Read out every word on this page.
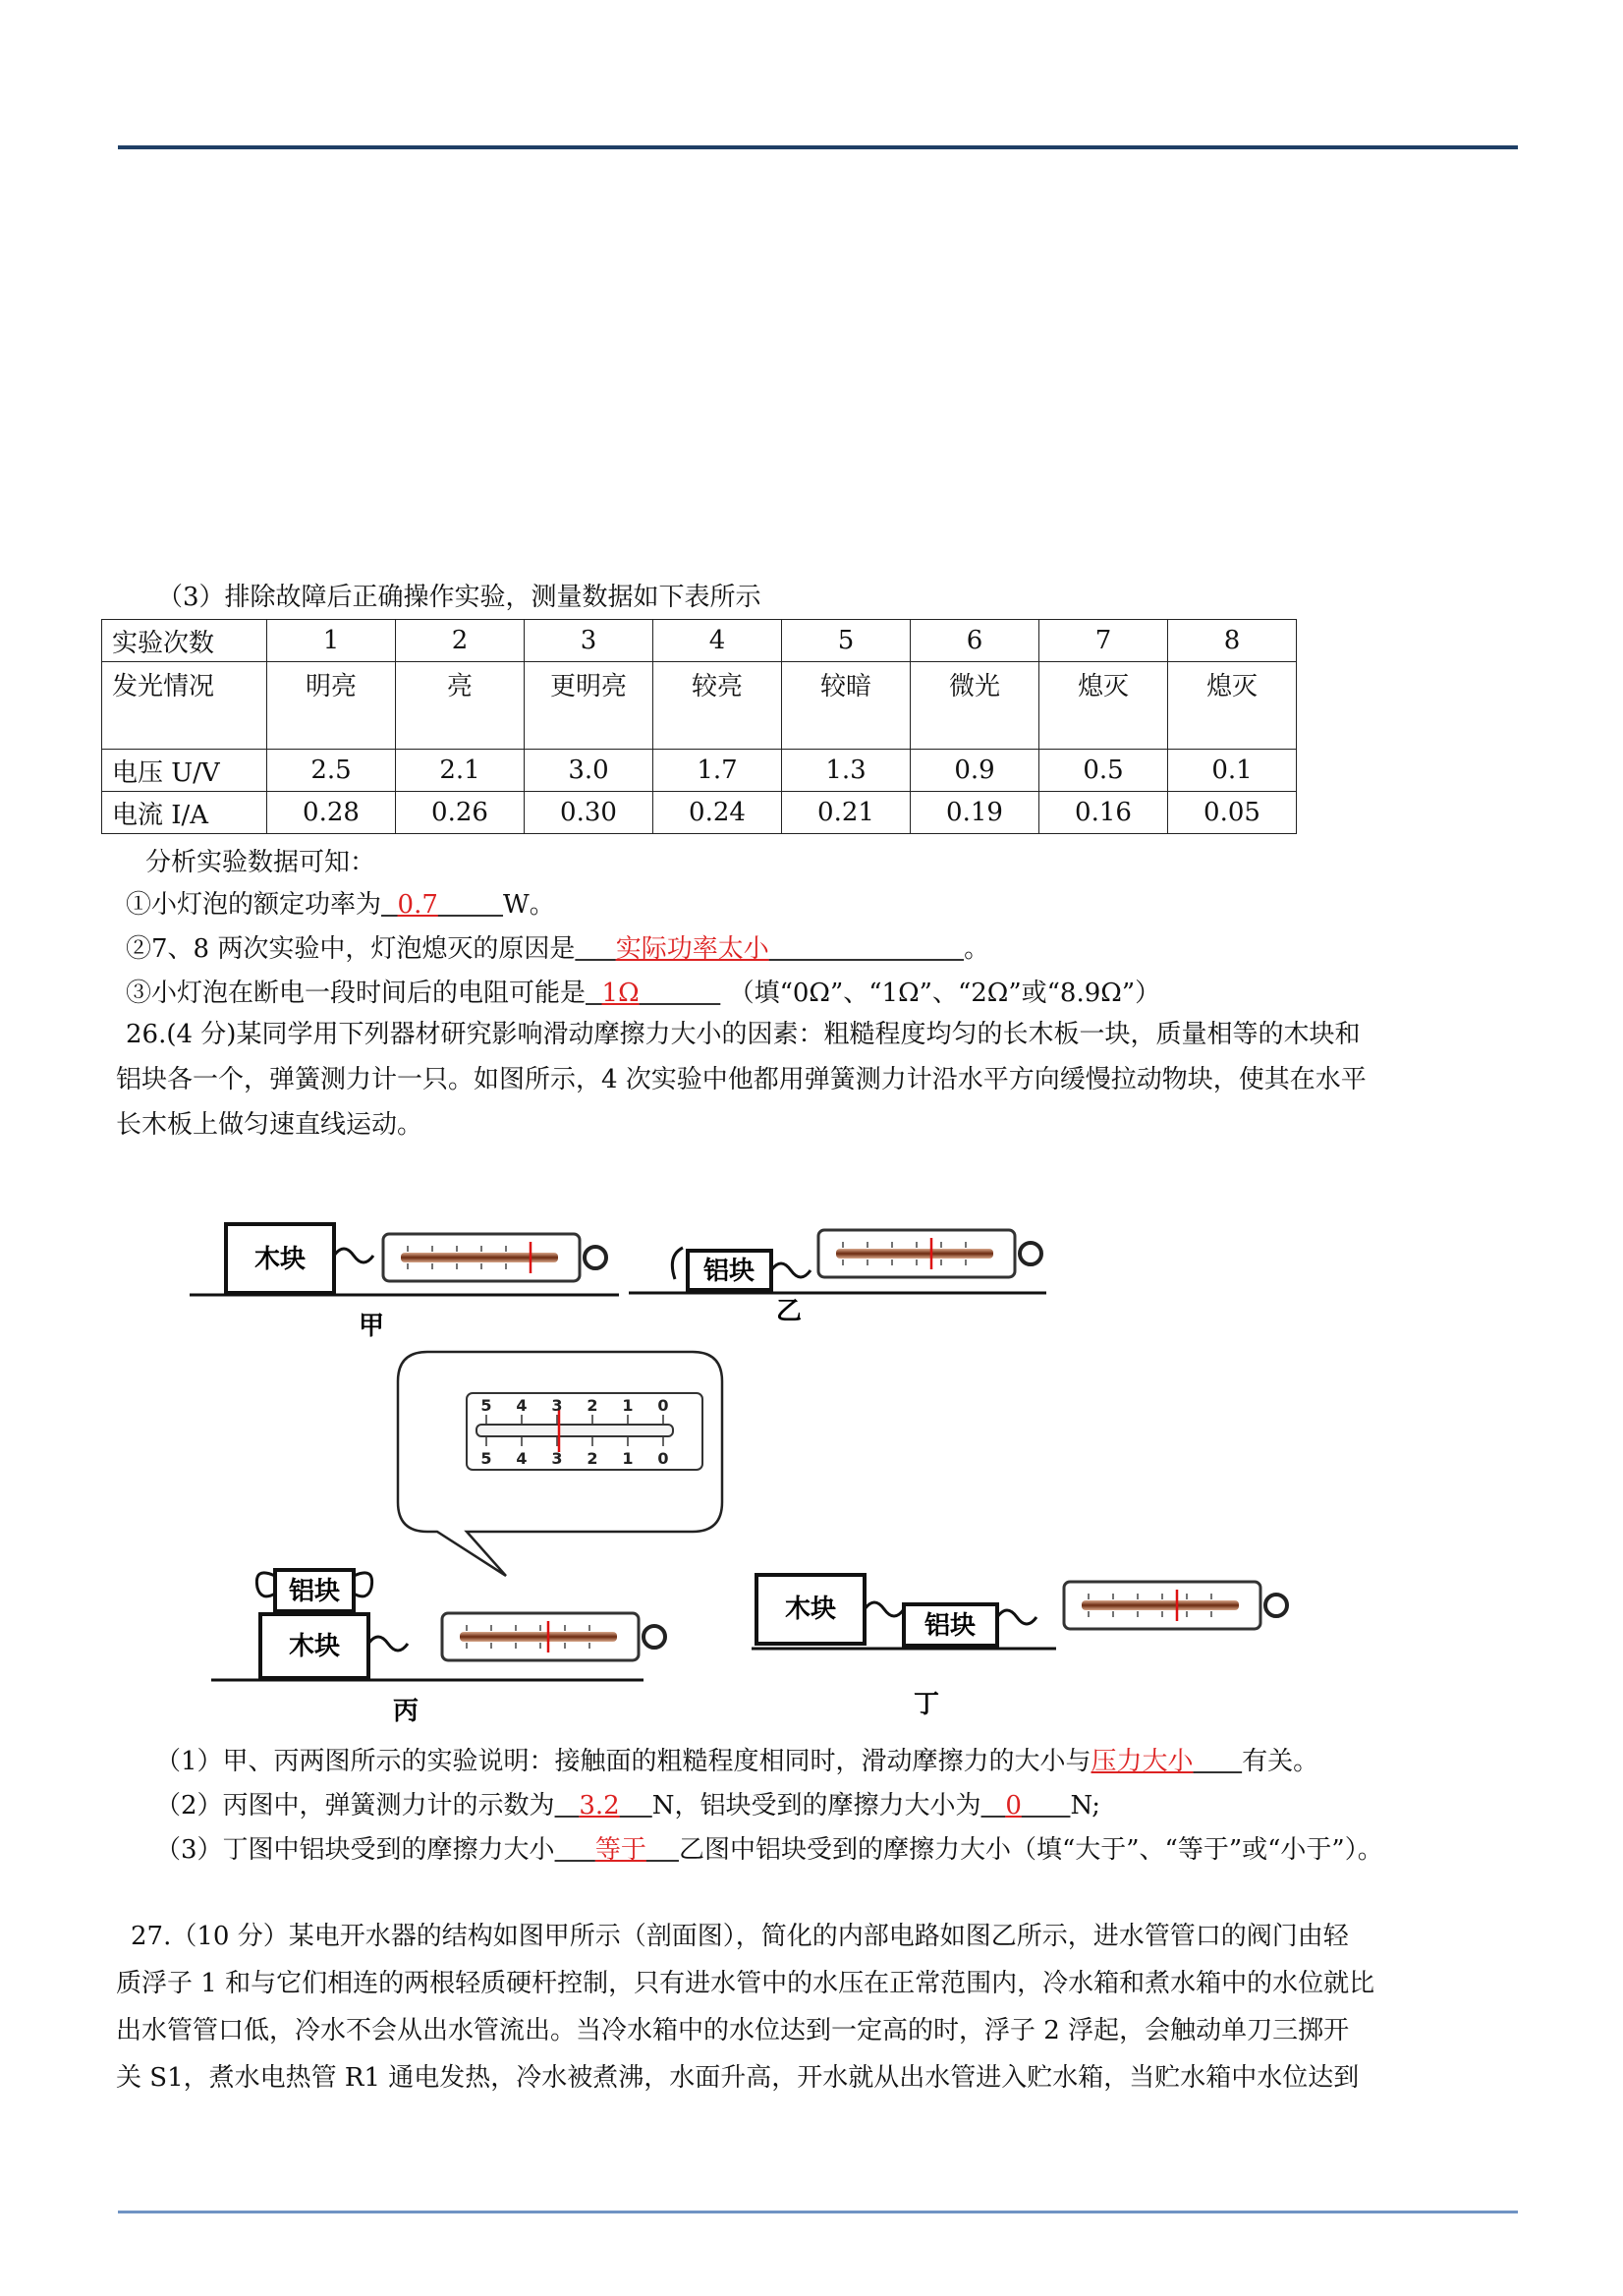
（3）排除故障后正确操作实验，测量数据如下表所示
实验次数	1	2	3	4	5	6	7	8
发光情况	明亮	亮	更明亮	较亮	较暗	微光	熄灭	熄灭
电压 U/V	2.5	2.1	3.0	1.7	1.3	0.9	0.5	0.1
电流 I/A	0.28	0.26	0.30	0.24	0.21	0.19	0.16	0.05
分析实验数据可知：
①小灯泡的额定功率为 0.7	W。
②7、8 两次实验中，灯泡熄灭的原因是 实际功率太小	。
③小灯泡在断电一段时间后的电阻可能是 1Ω	（填“0Ω”、“1Ω”、“2Ω”或“8.9Ω”）
26.(4 分)某同学用下列器材研究影响滑动摩擦力大小的因素：粗糙程度均匀的长木板一块，质量相等的木块和
铝块各一个，弹簧测力计一只。如图所示，4 次实验中他都用弹簧测力计沿水平方向缓慢拉动物块，使其在水平
长木板上做匀速直线运动。
木块
甲
铝块
乙
5 4 3 2 1 0
5 4 3 2 1 0
木块
铝块
丙
木块
铝块
丁
（1）甲、丙两图所示的实验说明：接触面的粗糙程度相同时，滑动摩擦力的大小与压力大小 有关。
（2）丙图中，弹簧测力计的示数为 3.2 N，铝块受到的摩擦力大小为 0 N;
（3）丁图中铝块受到的摩擦力大小 等于 乙图中铝块受到的摩擦力大小（填“大于”、“等于”或“小于”）。
27.（10 分）某电开水器的结构如图甲所示（剖面图），简化的内部电路如图乙所示，进水管管口的阀门由轻
质浮子 1 和与它们相连的两根轻质硬杆控制，只有进水管中的水压在正常范围内，冷水箱和煮水箱中的水位就比
出水管管口低，冷水不会从出水管流出。当冷水箱中的水位达到一定高的时，浮子 2 浮起，会触动单刀三掷开
关 S1，煮水电热管 R1 通电发热，冷水被煮沸，水面升高，开水就从出水管进入贮水箱，当贮水箱中水位达到
